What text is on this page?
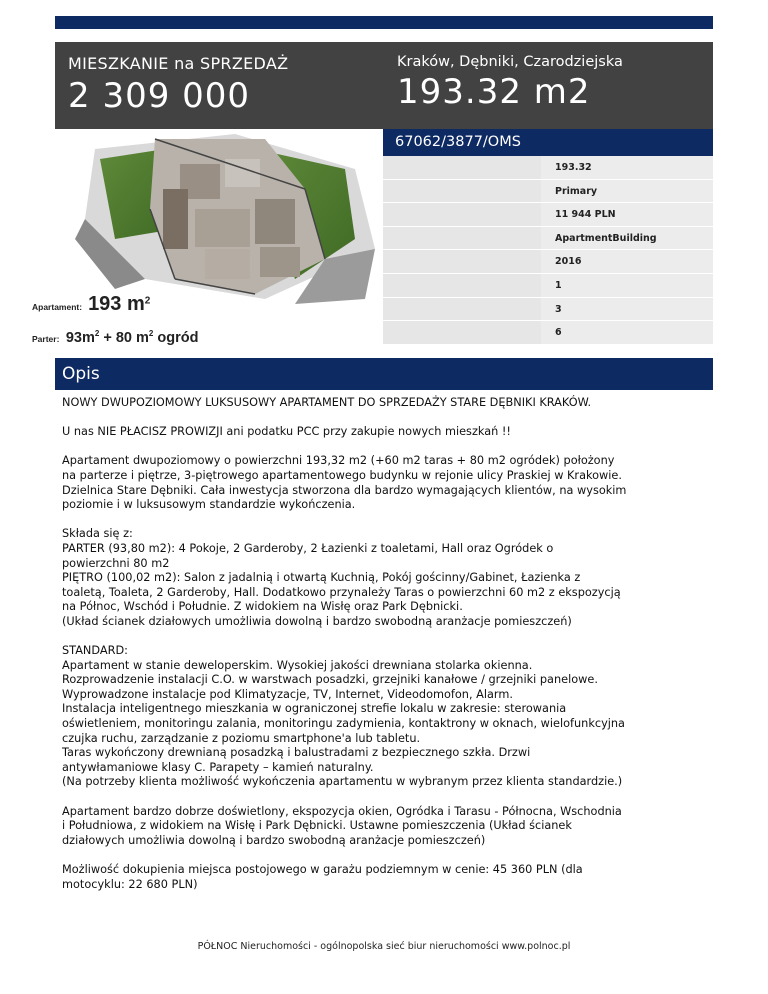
MIESZKANIE na SPRZEDAŻ
2 309 000
Kraków, Dębniki, Czarodziejska
193.32 m2
Apartament: 193 $m^2$
Parter: $93m^2 + 80$ $m^2$ ogród
67062/3877/OMS
193.32
Primary
11 944 PLN
ApartmentBuilding
2016
1
3
6
Opis

NOWY DWUPOZIOMOWY LUKSUSOWY APARTAMENT DO SPRZEDAŻY STARE DĘBNIKI KRAKÓW.

U nas NIE PŁACISZ PROWIZJI ani podatku PCC przy zakupie nowych mieszkań !!

Apartament dwupoziomowy o powierzchni 193,32 m2 (+60 m2 taras + 80 m2 ogródek) położony
na parterze i piętrze, 3-piętrowego apartamentowego budynku w rejonie ulicy Praskiej w Krakowie.
Dzielnica Stare Dębniki. Cała inwestycja stworzona dla bardzo wymagających klientów, na wysokim
poziomie i w luksusowym standardzie wykończenia.

Składa się z:
PARTER (93,80 m2): 4 Pokoje, 2 Garderoby, 2 Łazienki z toaletami, Hall oraz Ogródek o
powierzchni 80 m2
PIĘTRO (100,02 m2): Salon z jadalnią i otwartą Kuchnią, Pokój gościnny/Gabinet, Łazienka z
toaletą, Toaleta, 2 Garderoby, Hall. Dodatkowo przynależy Taras o powierzchni 60 m2 z ekspozycją
na Północ, Wschód i Południe. Z widokiem na Wisłę oraz Park Dębnicki.
(Układ ścianek działowych umożliwia dowolną i bardzo swobodną aranżacje pomieszczeń)

STANDARD:
Apartament w stanie deweloperskim. Wysokiej jakości drewniana stolarka okienna.
Rozprowadzenie instalacji C.O. w warstwach posadzki, grzejniki kanałowe / grzejniki panelowe.
Wyprowadzone instalacje pod Klimatyzacje, TV, Internet, Videodomofon, Alarm.
Instalacja inteligentnego mieszkania w ograniczonej strefie lokalu w zakresie: sterowania
oświetleniem, monitoringu zalania, monitoringu zadymienia, kontaktrony w oknach, wielofunkcyjna
czujka ruchu, zarządzanie z poziomu smartphone'a lub tabletu.
Taras wykończony drewnianą posadzką i balustradami z bezpiecznego szkła. Drzwi
antywłamaniowe klasy C. Parapety – kamień naturalny.
(Na potrzeby klienta możliwość wykończenia apartamentu w wybranym przez klienta standardzie.)

Apartament bardzo dobrze doświetlony, ekspozycja okien, Ogródka i Tarasu - Północna, Wschodnia
i Południowa, z widokiem na Wisłę i Park Dębnicki. Ustawne pomieszczenia (Układ ścianek
działowych umożliwia dowolną i bardzo swobodną aranżacje pomieszczeń)

Możliwość dokupienia miejsca postojowego w garażu podziemnym w cenie: 45 360 PLN (dla
motocyklu: 22 680 PLN)

PÓŁNOC Nieruchomości - ogólnopolska sieć biur nieruchomości www.polnoc.pl
